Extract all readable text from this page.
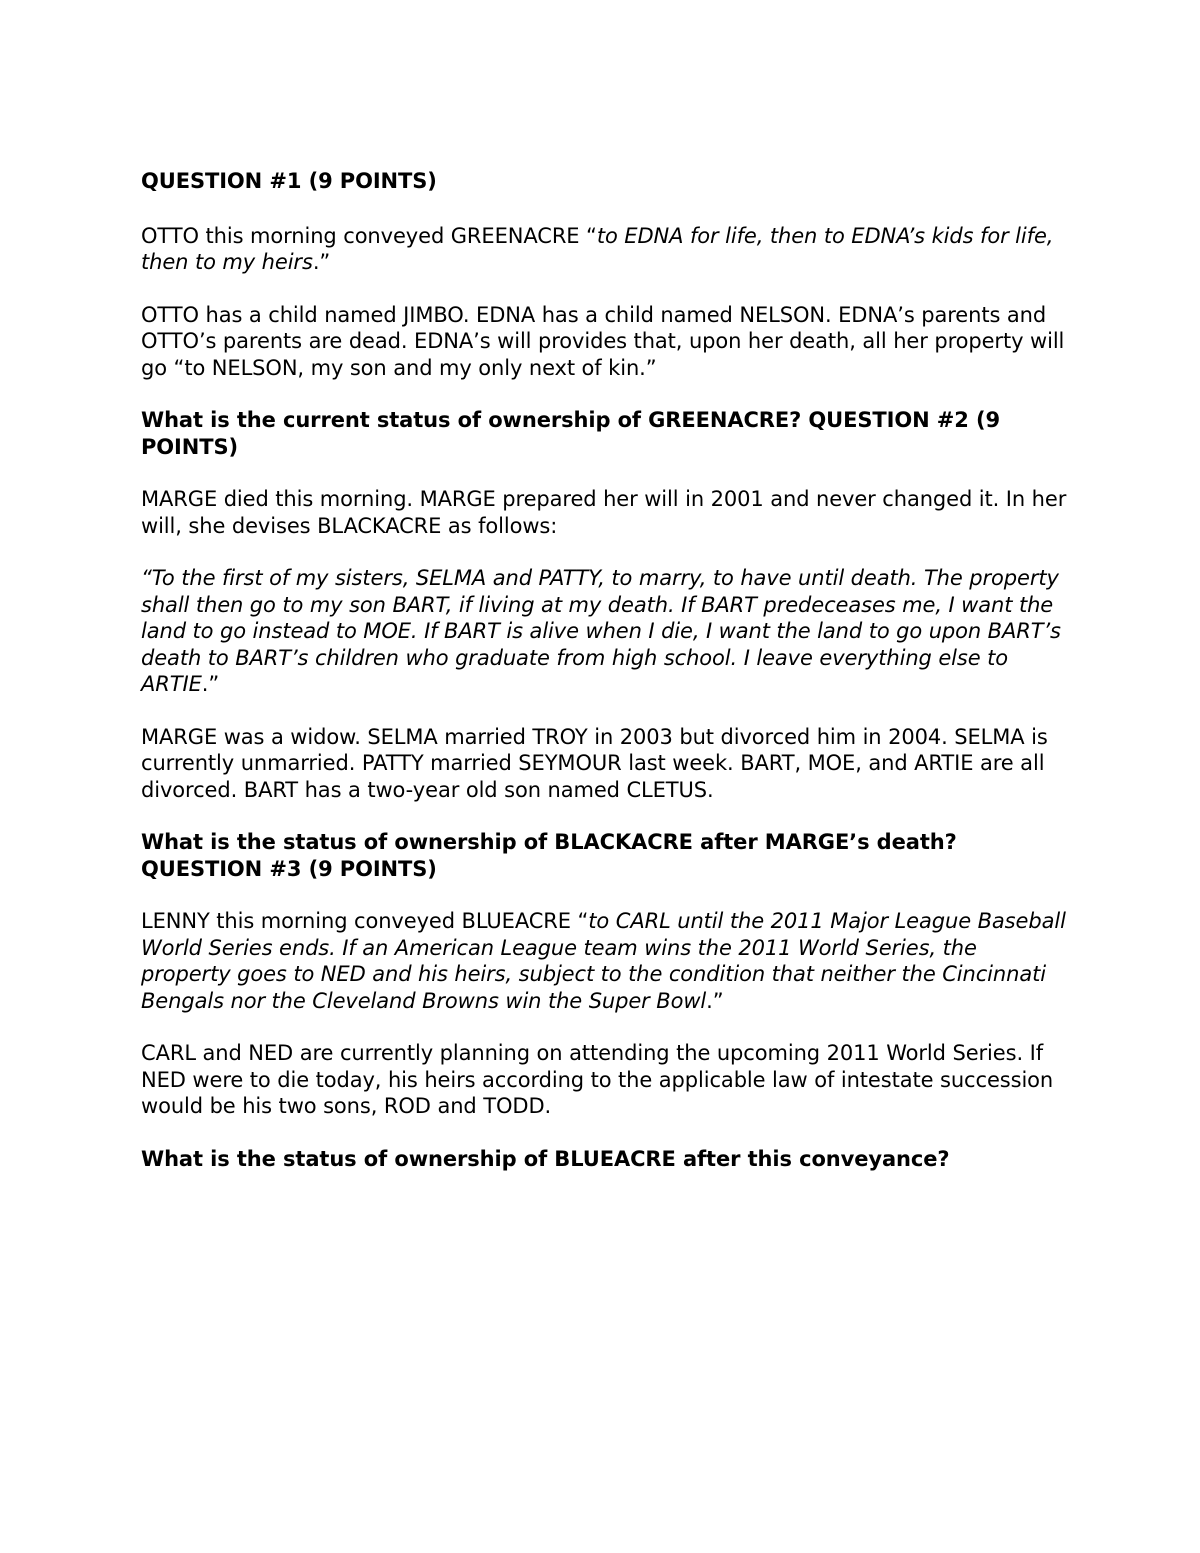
QUESTION #1 (9 POINTS)

OTTO this morning conveyed GREENACRE “to EDNA for life, then to EDNA’s kids for life, then to my heirs.”

OTTO has a child named JIMBO. EDNA has a child named NELSON. EDNA’s parents and OTTO’s parents are dead. EDNA’s will provides that, upon her death, all her property will go “to NELSON, my son and my only next of kin.”

What is the current status of ownership of GREENACRE? QUESTION #2 (9 POINTS)

MARGE died this morning. MARGE prepared her will in 2001 and never changed it. In her will, she devises BLACKACRE as follows:

“To the first of my sisters, SELMA and PATTY, to marry, to have until death. The property shall then go to my son BART, if living at my death. If BART predeceases me, I want the land to go instead to MOE. If BART is alive when I die, I want the land to go upon BART’s death to BART’s children who graduate from high school. I leave everything else to ARTIE.”

MARGE was a widow. SELMA married TROY in 2003 but divorced him in 2004. SELMA is currently unmarried. PATTY married SEYMOUR last week. BART, MOE, and ARTIE are all divorced. BART has a two-year old son named CLETUS.

What is the status of ownership of BLACKACRE after MARGE’s death? QUESTION #3 (9 POINTS)

LENNY this morning conveyed BLUEACRE “to CARL until the 2011 Major League Baseball World Series ends. If an American League team wins the 2011 World Series, the property goes to NED and his heirs, subject to the condition that neither the Cincinnati Bengals nor the Cleveland Browns win the Super Bowl.”

CARL and NED are currently planning on attending the upcoming 2011 World Series. If NED were to die today, his heirs according to the applicable law of intestate succession would be his two sons, ROD and TODD.

What is the status of ownership of BLUEACRE after this conveyance?
